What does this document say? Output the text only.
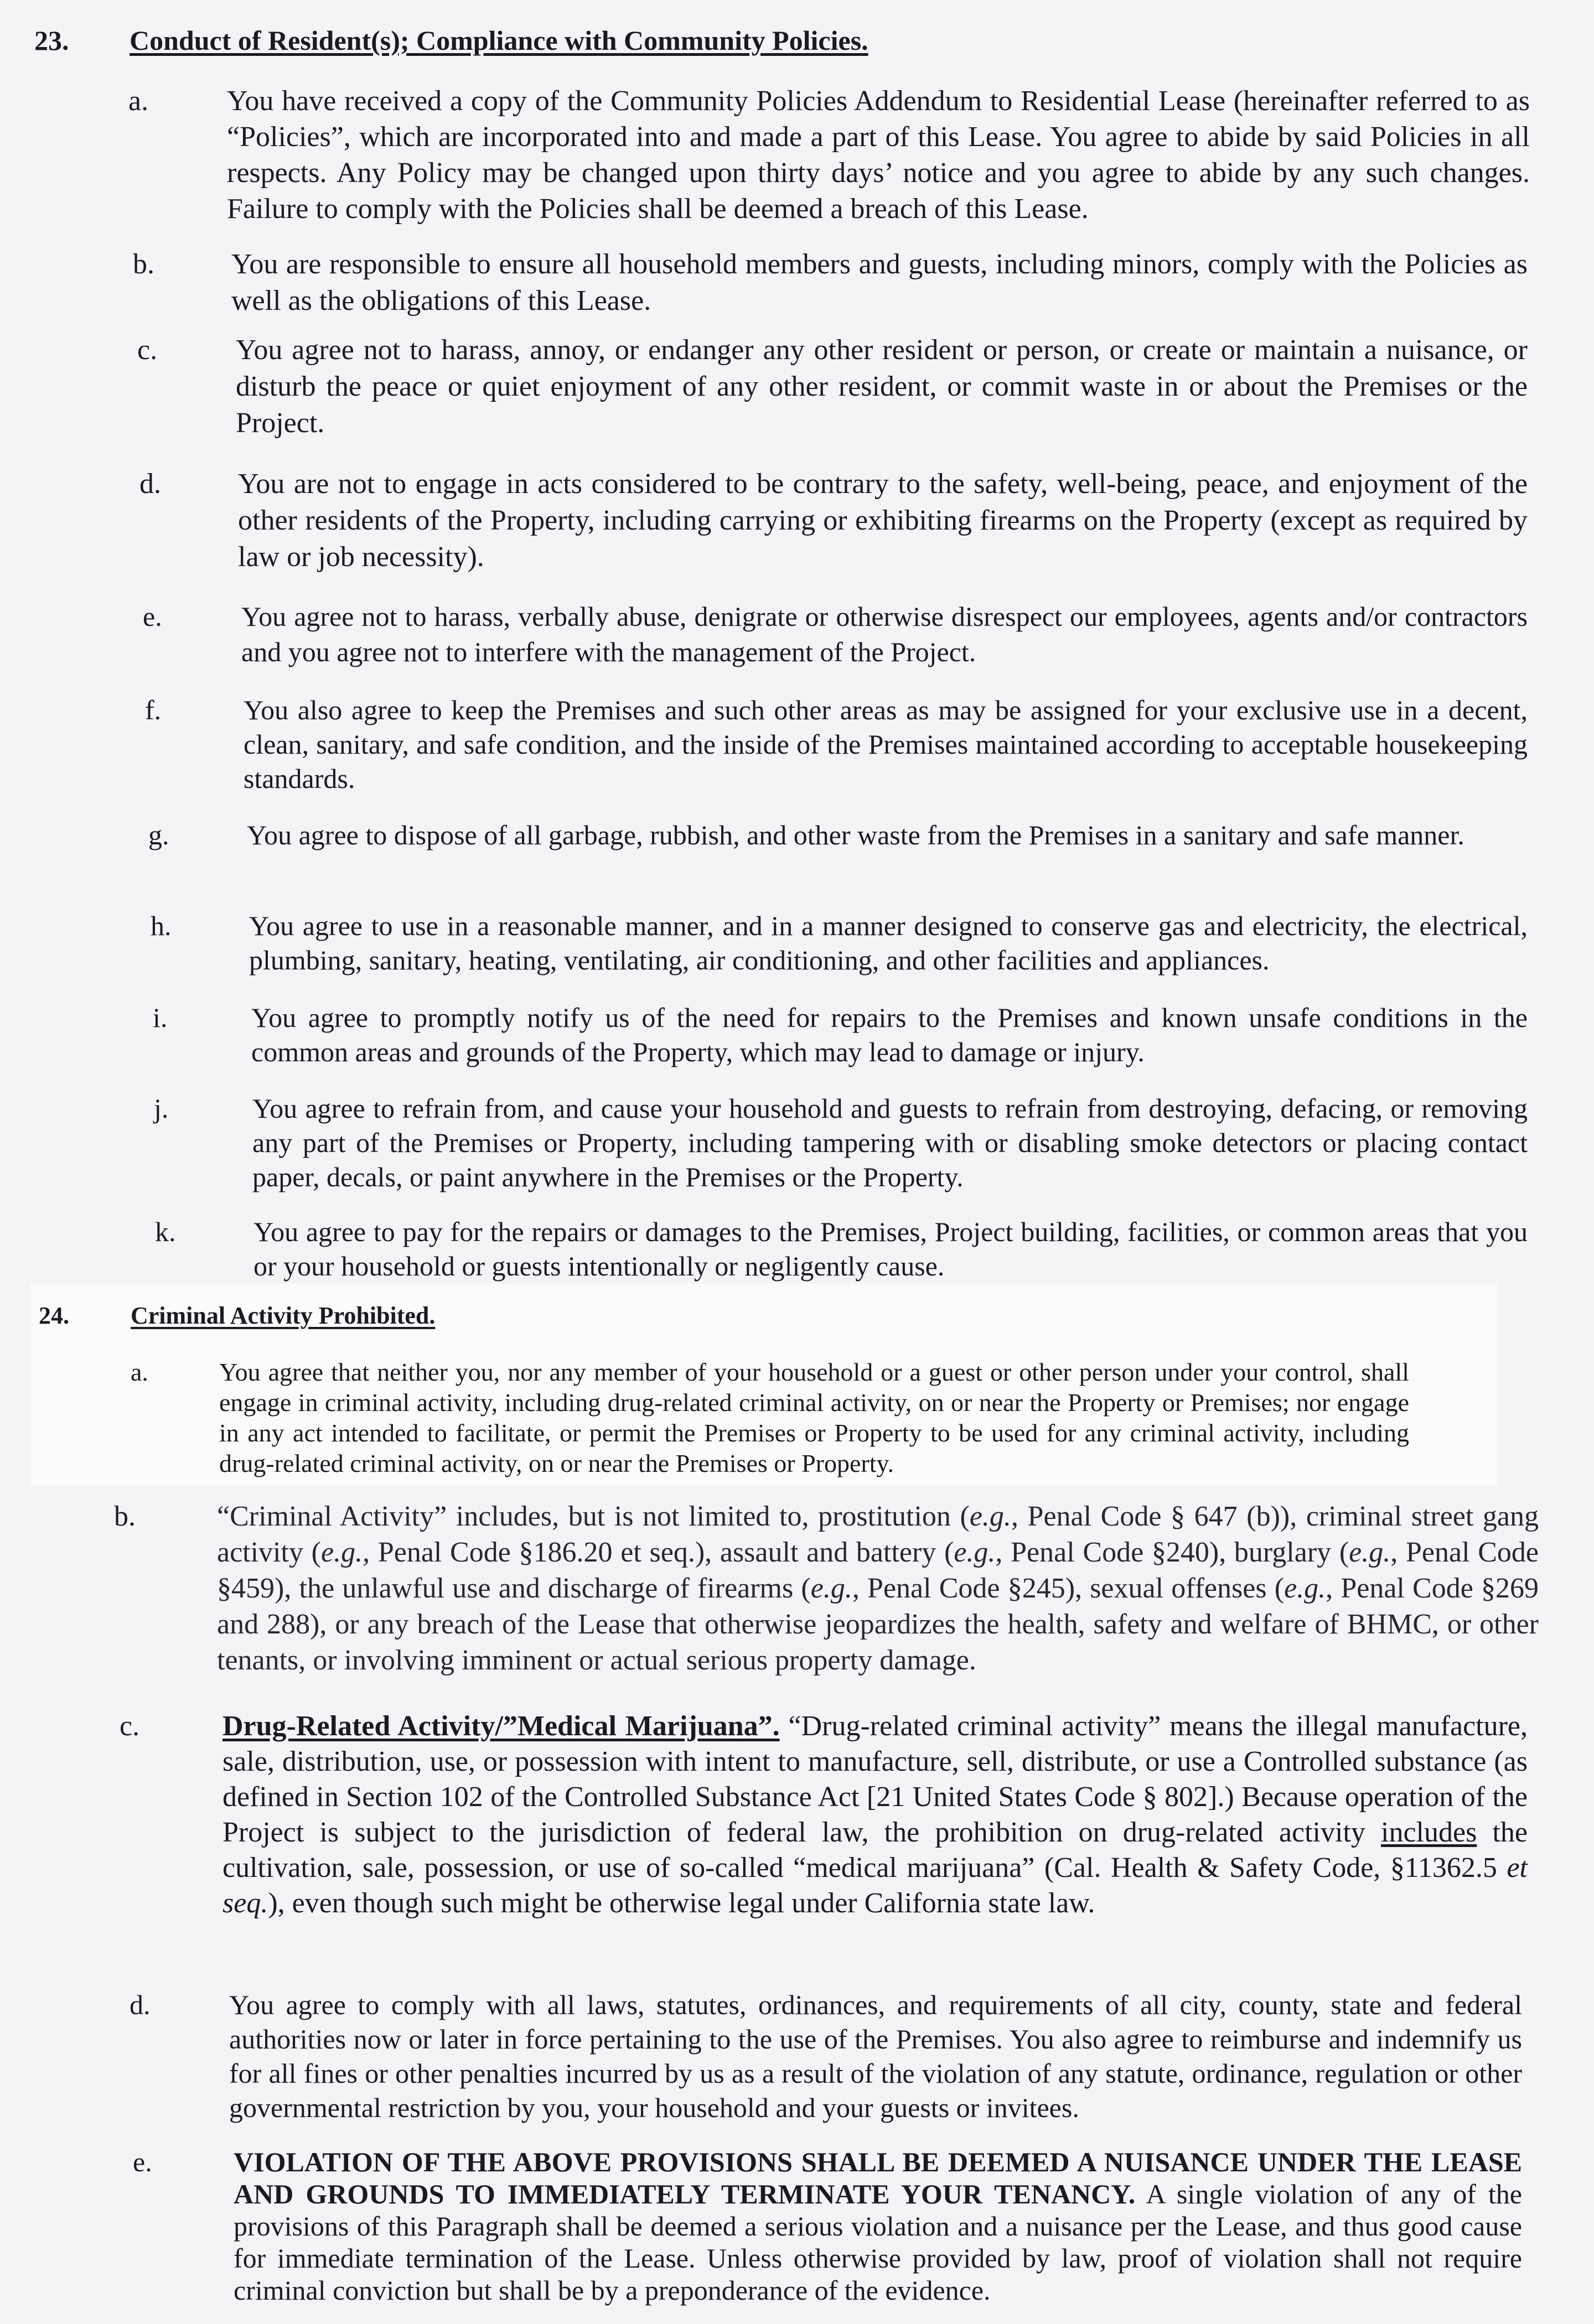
23.	Conduct of Resident(s); Compliance with Community Policies.
a.	You have received a copy of the Community Policies Addendum to Residential Lease (hereinafter referred to as “Policies”, which are incorporated into and made a part of this Lease. You agree to abide by said Policies in all respects. Any Policy may be changed upon thirty days’ notice and you agree to abide by any such changes. Failure to comply with the Policies shall be deemed a breach of this Lease.
b.	You are responsible to ensure all household members and guests, including minors, comply with the Policies as well as the obligations of this Lease.
c.	You agree not to harass, annoy, or endanger any other resident or person, or create or maintain a nuisance, or disturb the peace or quiet enjoyment of any other resident, or commit waste in or about the Premises or the Project.
d.	You are not to engage in acts considered to be contrary to the safety, well-being, peace, and enjoyment of the other residents of the Property, including carrying or exhibiting firearms on the Property (except as required by law or job necessity).
e.	You agree not to harass, verbally abuse, denigrate or otherwise disrespect our employees, agents and/or contractors and you agree not to interfere with the management of the Project.
f.	You also agree to keep the Premises and such other areas as may be assigned for your exclusive use in a decent, clean, sanitary, and safe condition, and the inside of the Premises maintained according to acceptable housekeeping standards.
g.	You agree to dispose of all garbage, rubbish, and other waste from the Premises in a sanitary and safe manner.
h.	You agree to use in a reasonable manner, and in a manner designed to conserve gas and electricity, the electrical, plumbing, sanitary, heating, ventilating, air conditioning, and other facilities and appliances.
i.	You agree to promptly notify us of the need for repairs to the Premises and known unsafe conditions in the common areas and grounds of the Property, which may lead to damage or injury.
j.	You agree to refrain from, and cause your household and guests to refrain from destroying, defacing, or removing any part of the Premises or Property, including tampering with or disabling smoke detectors or placing contact paper, decals, or paint anywhere in the Premises or the Property.
k.	You agree to pay for the repairs or damages to the Premises, Project building, facilities, or common areas that you or your household or guests intentionally or negligently cause.
24.	Criminal Activity Prohibited.
a.	You agree that neither you, nor any member of your household or a guest or other person under your control, shall engage in criminal activity, including drug-related criminal activity, on or near the Property or Premises; nor engage in any act intended to facilitate, or permit the Premises or Property to be used for any criminal activity, including drug-related criminal activity, on or near the Premises or Property.
b.	“Criminal Activity” includes, but is not limited to, prostitution (e.g., Penal Code § 647 (b)), criminal street gang activity (e.g., Penal Code §186.20 et seq.), assault and battery (e.g., Penal Code §240), burglary (e.g., Penal Code §459), the unlawful use and discharge of firearms (e.g., Penal Code §245), sexual offenses (e.g., Penal Code §269 and 288), or any breach of the Lease that otherwise jeopardizes the health, safety and welfare of BHMC, or other tenants, or involving imminent or actual serious property damage.
c.	Drug-Related Activity/”Medical Marijuana”. “Drug-related criminal activity” means the illegal manufacture, sale, distribution, use, or possession with intent to manufacture, sell, distribute, or use a Controlled substance (as defined in Section 102 of the Controlled Substance Act [21 United States Code § 802].) Because operation of the Project is subject to the jurisdiction of federal law, the prohibition on drug-related activity includes the cultivation, sale, possession, or use of so-called “medical marijuana” (Cal. Health & Safety Code, §11362.5 et seq.), even though such might be otherwise legal under California state law.
d.	You agree to comply with all laws, statutes, ordinances, and requirements of all city, county, state and federal authorities now or later in force pertaining to the use of the Premises. You also agree to reimburse and indemnify us for all fines or other penalties incurred by us as a result of the violation of any statute, ordinance, regulation or other governmental restriction by you, your household and your guests or invitees.
e.	VIOLATION OF THE ABOVE PROVISIONS SHALL BE DEEMED A NUISANCE UNDER THE LEASE AND GROUNDS TO IMMEDIATELY TERMINATE YOUR TENANCY. A single violation of any of the provisions of this Paragraph shall be deemed a serious violation and a nuisance per the Lease, and thus good cause for immediate termination of the Lease. Unless otherwise provided by law, proof of violation shall not require criminal conviction but shall be by a preponderance of the evidence.
